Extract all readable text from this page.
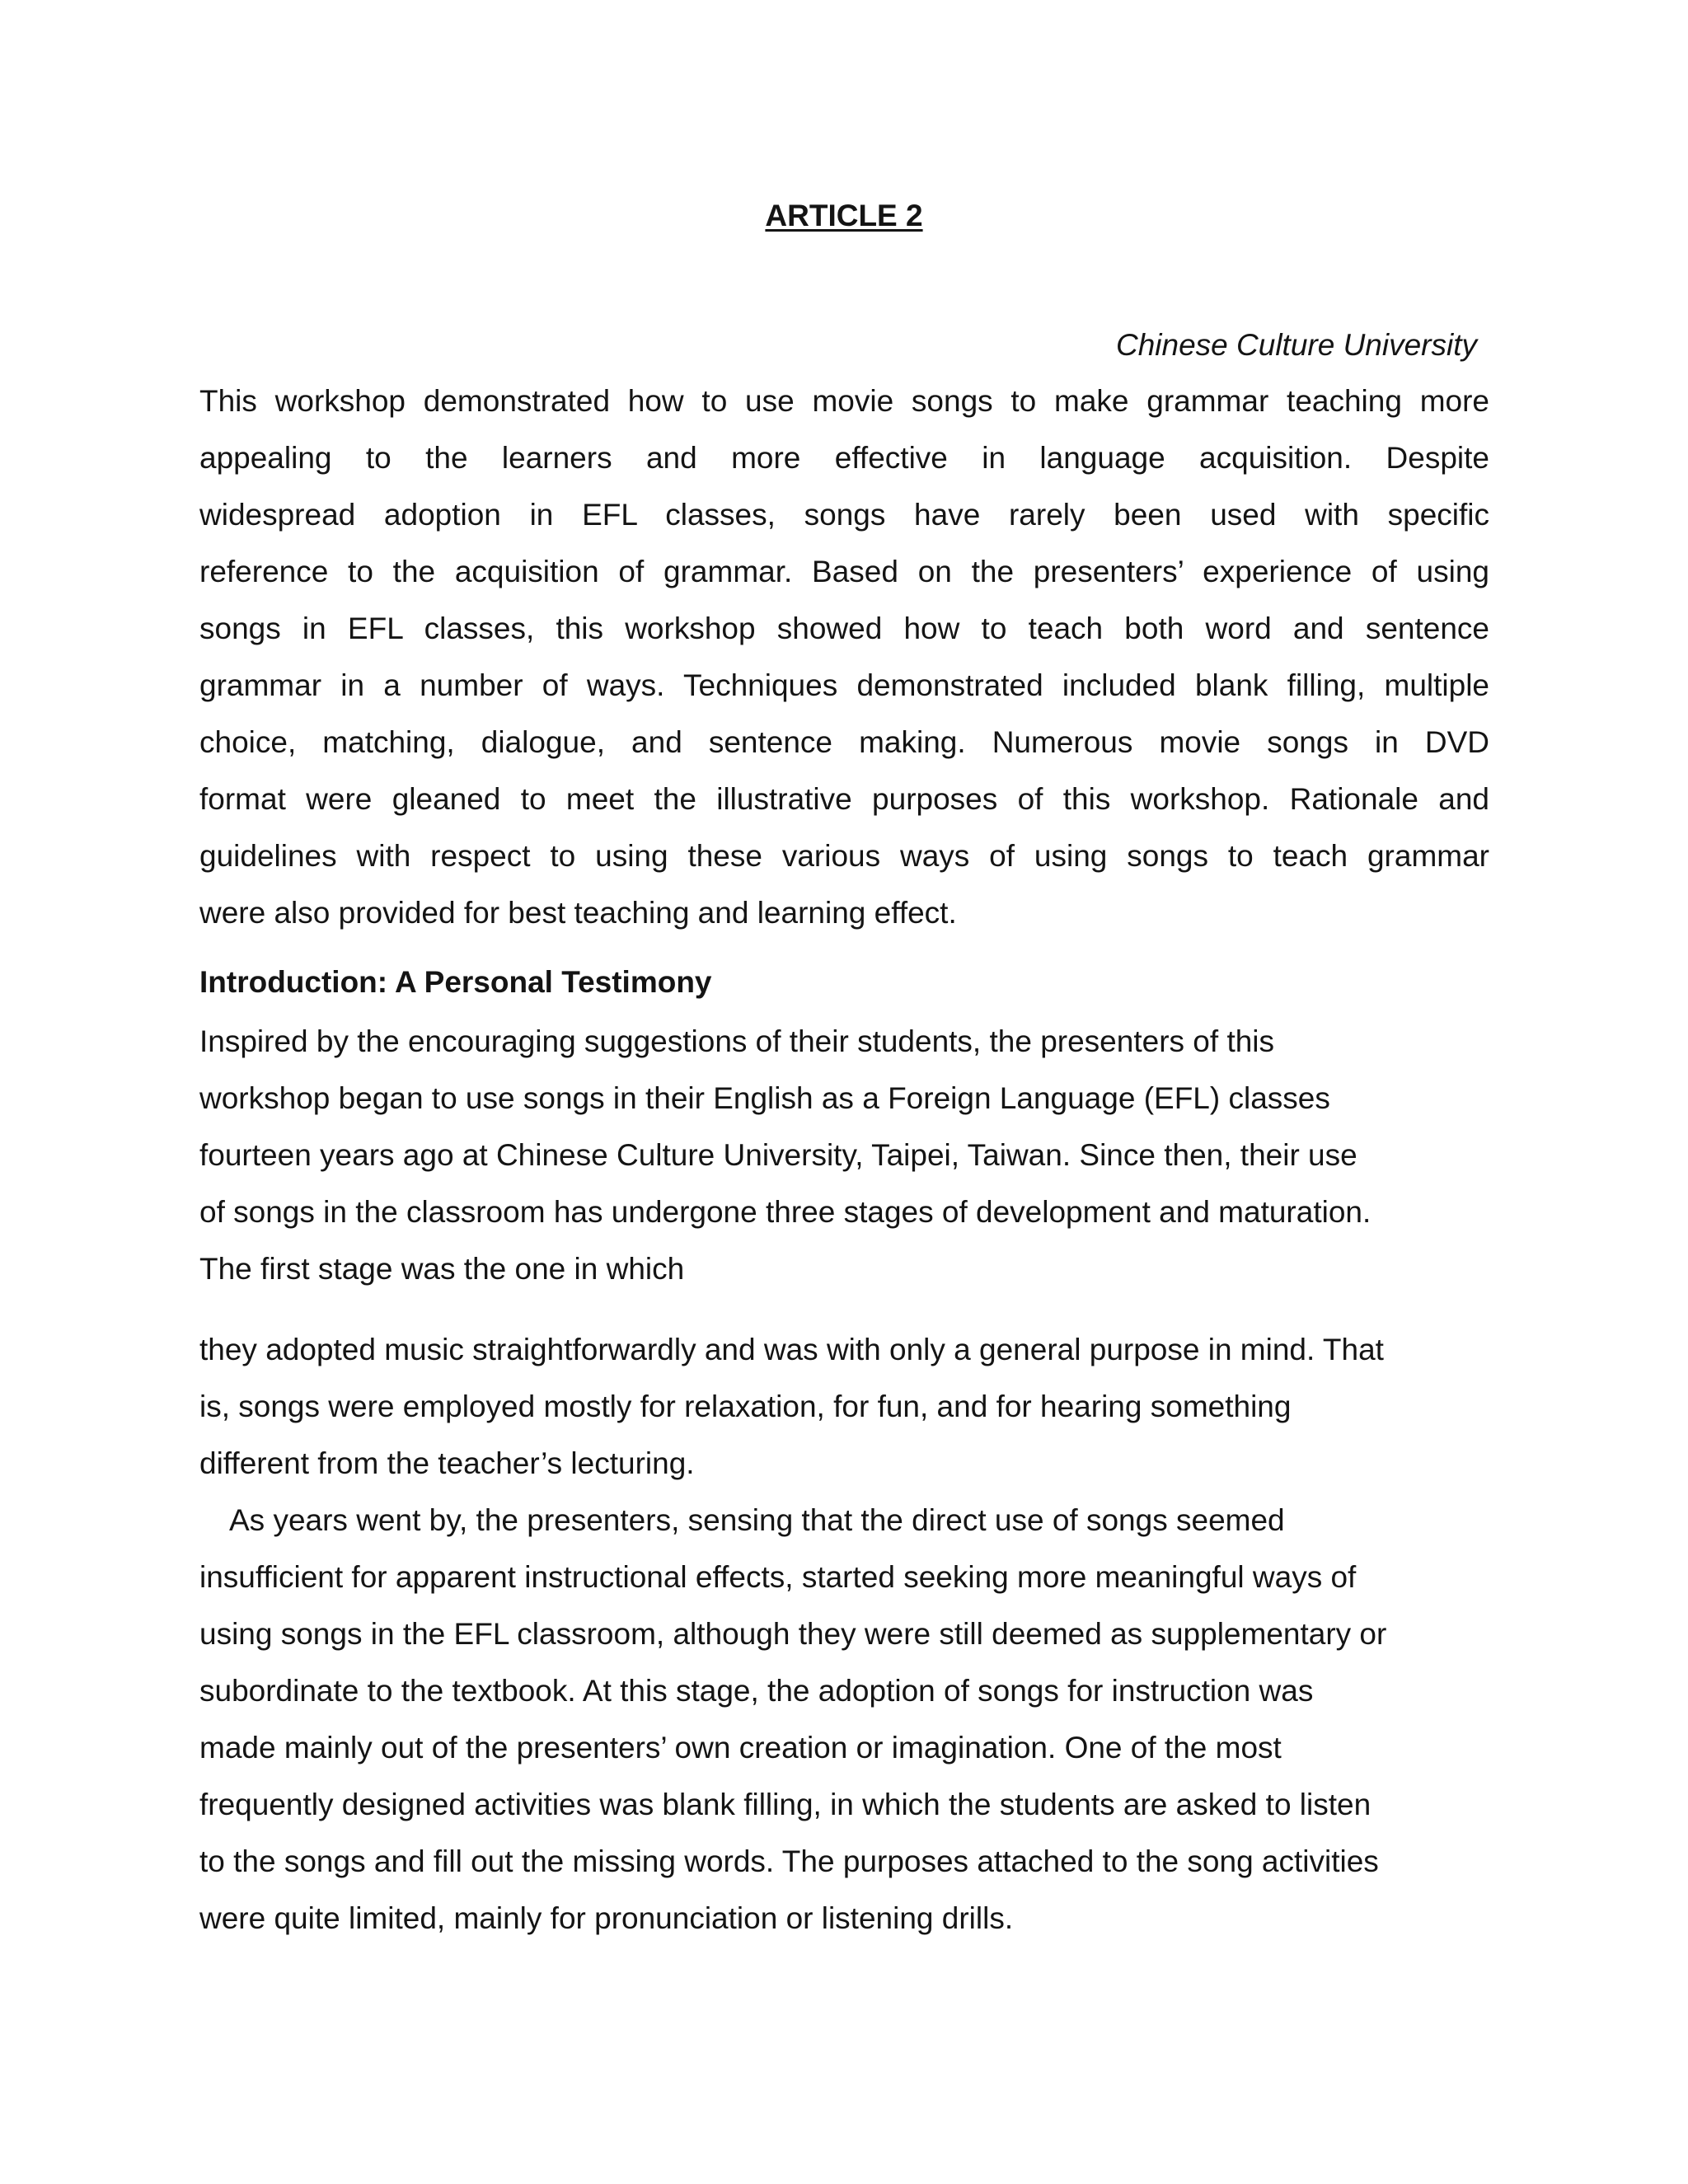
ARTICLE 2
Chinese Culture University
This workshop demonstrated how to use movie songs to make grammar teaching more
appealing to the learners and more effective in language acquisition. Despite
widespread adoption in EFL classes, songs have rarely been used with specific
reference to the acquisition of grammar. Based on the presenters’ experience of using
songs in EFL classes, this workshop showed how to teach both word and sentence
grammar in a number of ways. Techniques demonstrated included blank filling, multiple
choice, matching, dialogue, and sentence making. Numerous movie songs in DVD
format were gleaned to meet the illustrative purposes of this workshop. Rationale and
guidelines with respect to using these various ways of using songs to teach grammar
were also provided for best teaching and learning effect.
Introduction: A Personal Testimony
Inspired by the encouraging suggestions of their students, the presenters of this
workshop began to use songs in their English as a Foreign Language (EFL) classes
fourteen years ago at Chinese Culture University, Taipei, Taiwan. Since then, their use
of songs in the classroom has undergone three stages of development and maturation.
The first stage was the one in which
they adopted music straightforwardly and was with only a general purpose in mind. That
is, songs were employed mostly for relaxation, for fun, and for hearing something
different from the teacher’s lecturing.
As years went by, the presenters, sensing that the direct use of songs seemed
insufficient for apparent instructional effects, started seeking more meaningful ways of
using songs in the EFL classroom, although they were still deemed as supplementary or
subordinate to the textbook. At this stage, the adoption of songs for instruction was
made mainly out of the presenters’ own creation or imagination. One of the most
frequently designed activities was blank filling, in which the students are asked to listen
to the songs and fill out the missing words. The purposes attached to the song activities
were quite limited, mainly for pronunciation or listening drills.
